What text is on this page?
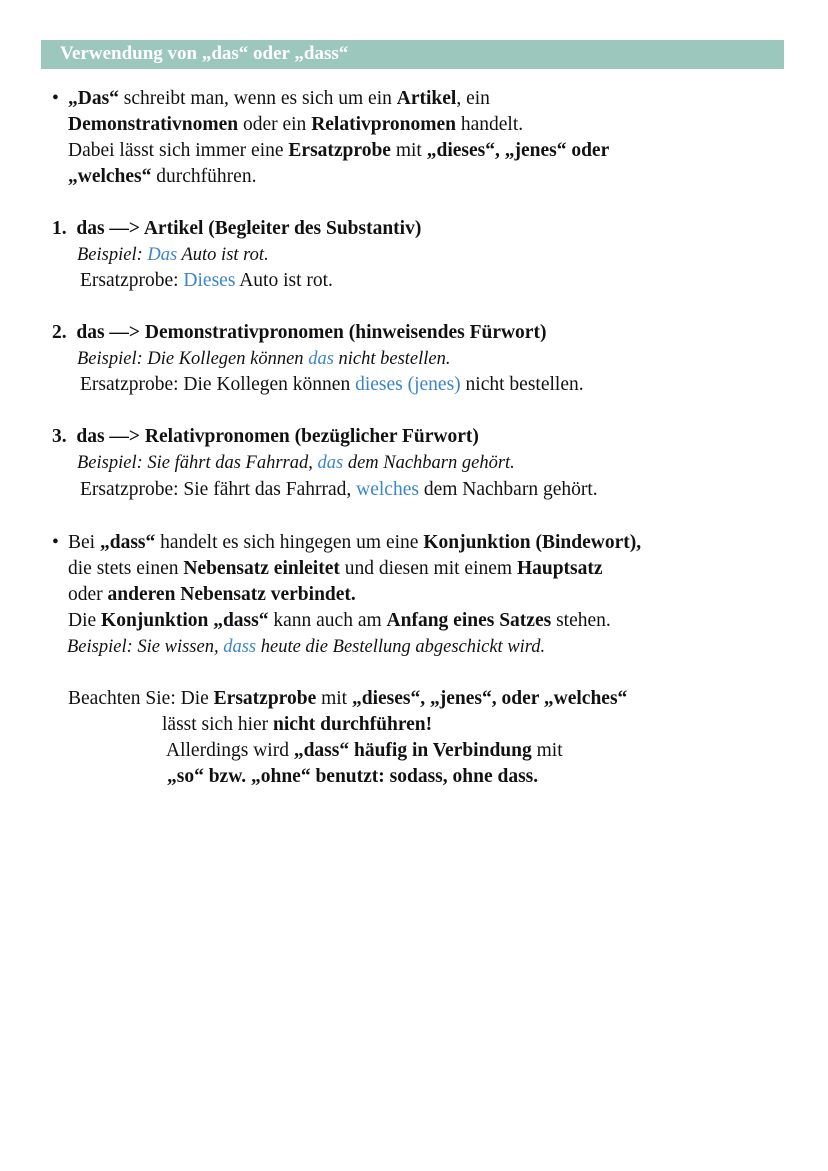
Verwendung von „das“ oder „dass“
• „Das“ schreibt man, wenn es sich um ein Artikel, ein
Demonstrativnomen oder ein Relativpronomen handelt.
Dabei lässt sich immer eine Ersatzprobe mit „dieses“, „jenes“ oder
„welches“ durchführen.
1. das —> Artikel (Begleiter des Substantiv)
Beispiel: Das Auto ist rot.
Ersatzprobe: Dieses Auto ist rot.
2. das —> Demonstrativpronomen (hinweisendes Fürwort)
Beispiel: Die Kollegen können das nicht bestellen.
Ersatzprobe: Die Kollegen können dieses (jenes) nicht bestellen.
3. das —> Relativpronomen (bezüglicher Fürwort)
Beispiel: Sie fährt das Fahrrad, das dem Nachbarn gehört.
Ersatzprobe: Sie fährt das Fahrrad, welches dem Nachbarn gehört.
• Bei „dass“ handelt es sich hingegen um eine Konjunktion (Bindewort),
die stets einen Nebensatz einleitet und diesen mit einem Hauptsatz
oder anderen Nebensatz verbindet.
Die Konjunktion „dass“ kann auch am Anfang eines Satzes stehen.
Beispiel: Sie wissen, dass heute die Bestellung abgeschickt wird.
Beachten Sie: Die Ersatzprobe mit „dieses“, „jenes“, oder „welches“
lässt sich hier nicht durchführen!
Allerdings wird „dass“ häufig in Verbindung mit
„so“ bzw. „ohne“ benutzt: sodass, ohne dass.
